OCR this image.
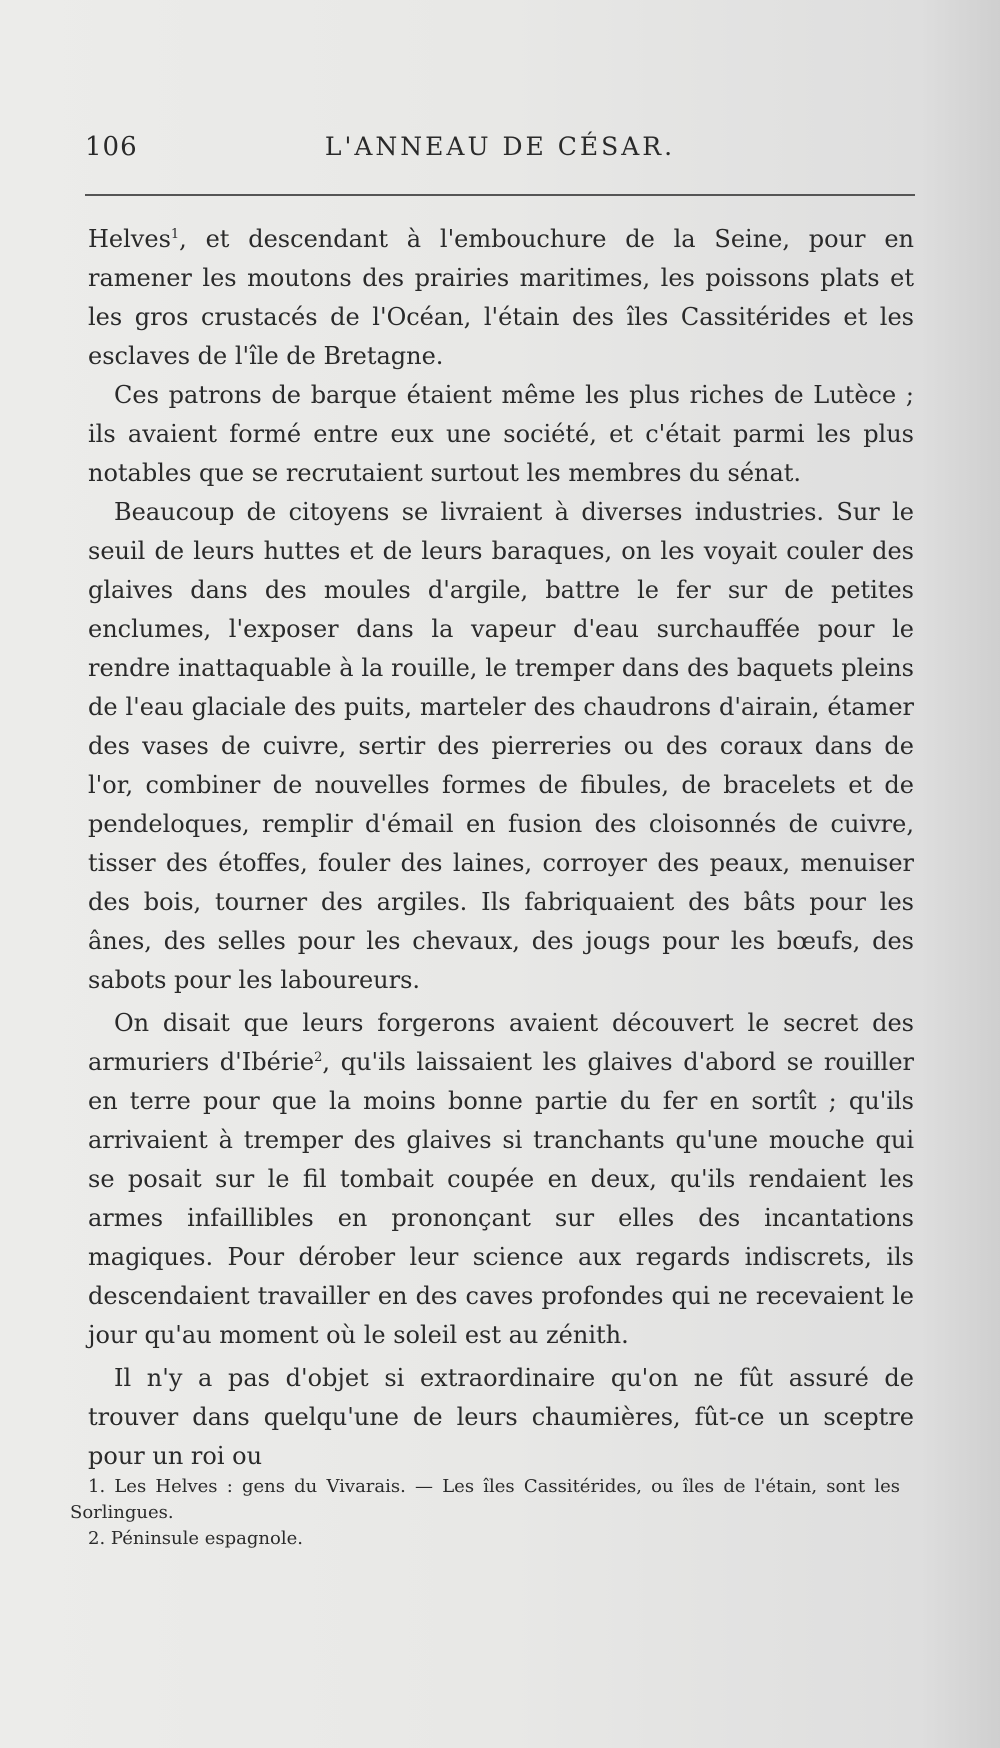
106	L'ANNEAU DE CÉSAR.

Helves$^1$, et descendant à l'embouchure de la Seine, pour en ramener les moutons des prairies maritimes, les poissons plats et les gros crustacés de l'Océan, l'étain des îles Cassitérides et les esclaves de l'île de Bretagne.

Ces patrons de barque étaient même les plus riches de Lutèce ; ils avaient formé entre eux une société, et c'était parmi les plus notables que se recrutaient surtout les membres du sénat.

Beaucoup de citoyens se livraient à diverses industries. Sur le seuil de leurs huttes et de leurs baraques, on les voyait couler des glaives dans des moules d'argile, battre le fer sur de petites enclumes, l'exposer dans la vapeur d'eau surchauffée pour le rendre inattaquable à la rouille, le tremper dans des baquets pleins de l'eau glaciale des puits, marteler des chaudrons d'airain, étamer des vases de cuivre, sertir des pierreries ou des coraux dans de l'or, combiner de nouvelles formes de fibules, de bracelets et de pendeloques, remplir d'émail en fusion des cloisonnés de cuivre, tisser des étoffes, fouler des laines, corroyer des peaux, menuiser des bois, tourner des argiles. Ils fabriquaient des bâts pour les ânes, des selles pour les chevaux, des jougs pour les bœufs, des sabots pour les laboureurs.

On disait que leurs forgerons avaient découvert le secret des armuriers d'Ibérie$^2$, qu'ils laissaient les glaives d'abord se rouiller en terre pour que la moins bonne partie du fer en sortît ; qu'ils arrivaient à tremper des glaives si tranchants qu'une mouche qui se posait sur le fil tombait coupée en deux, qu'ils rendaient les armes infaillibles en prononçant sur elles des incantations magiques. Pour dérober leur science aux regards indiscrets, ils descendaient travailler en des caves profondes qui ne recevaient le jour qu'au moment où le soleil est au zénith.

Il n'y a pas d'objet si extraordinaire qu'on ne fût assuré de trouver dans quelqu'une de leurs chaumières, fût-ce un sceptre pour un roi ou

1. Les Helves : gens du Vivarais. — Les îles Cassitérides, ou îles de l'étain, sont les Sorlingues.

2. Péninsule espagnole.
